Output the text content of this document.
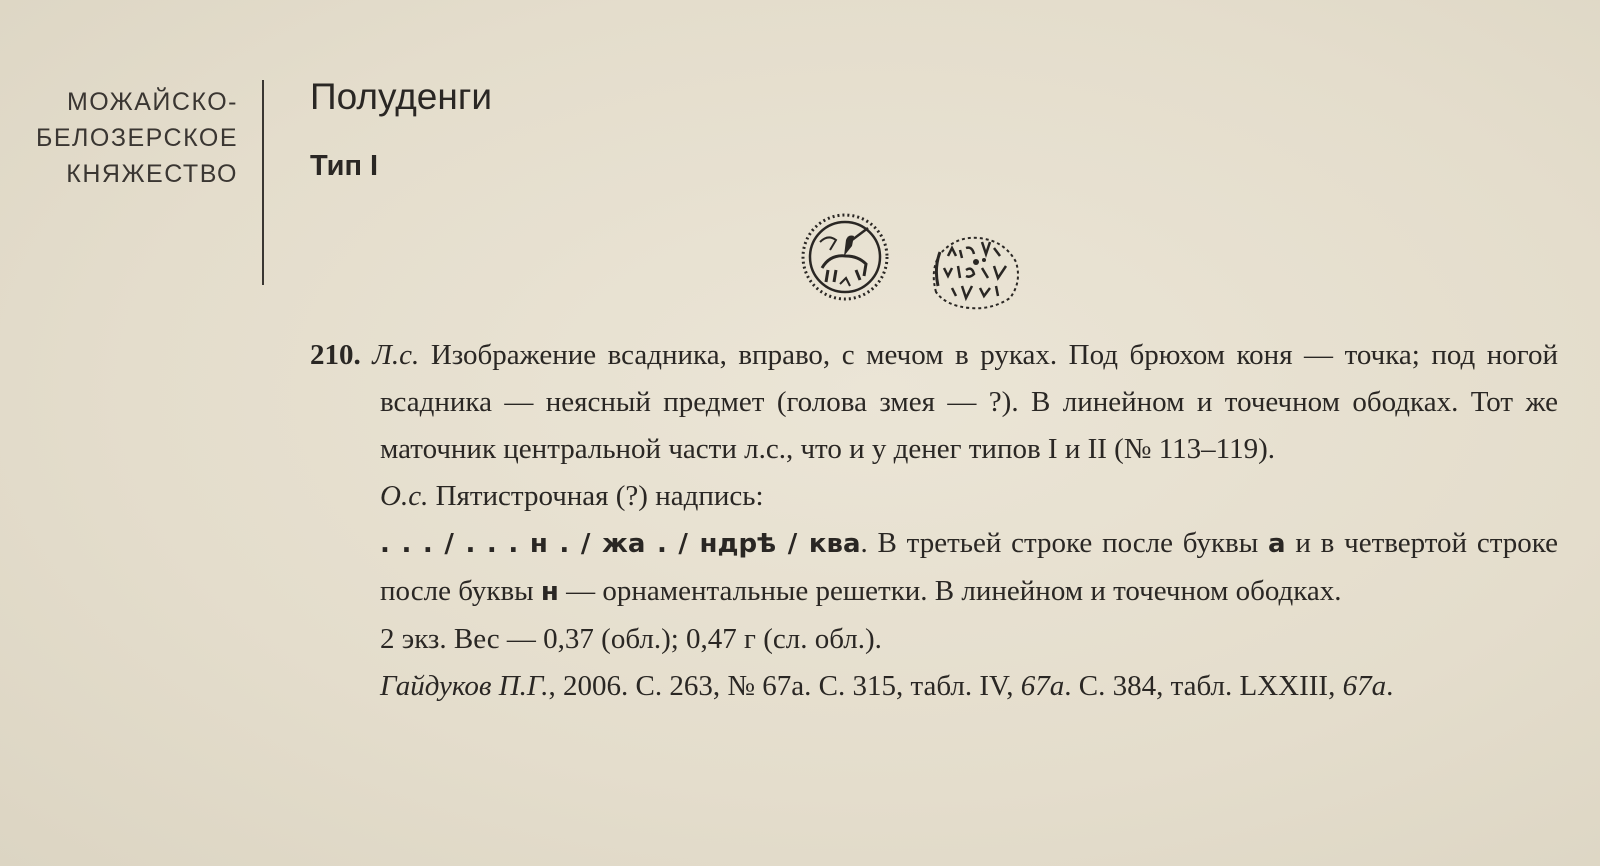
МОЖАЙСКО-
БЕЛОЗЕРСКОЕ
КНЯЖЕСТВО
Полуденги
Тип I

210. Л.с. Изображение всадника, вправо, с мечом в руках. Под брюхом коня — точка; под ногой всадника — неясный предмет (голова змея — ?). В линейном и точечном ободках. Тот же маточник центральной части л.с., что и у денег типов I и II (№ 113–119).

О.с. Пятистрочная (?) надпись:

. . . / . . . н . / жа . / ндрѣ / ква. В третьей строке после буквы а и в четвертой строке после буквы н — орнаментальные решетки. В линейном и точечном ободках.

2 экз. Вес — 0,37 (обл.); 0,47 г (сл. обл.).

Гайдуков П.Г., 2006. С. 263, № 67а. С. 315, табл. IV, 67а. С. 384, табл. LXXIII, 67а.
